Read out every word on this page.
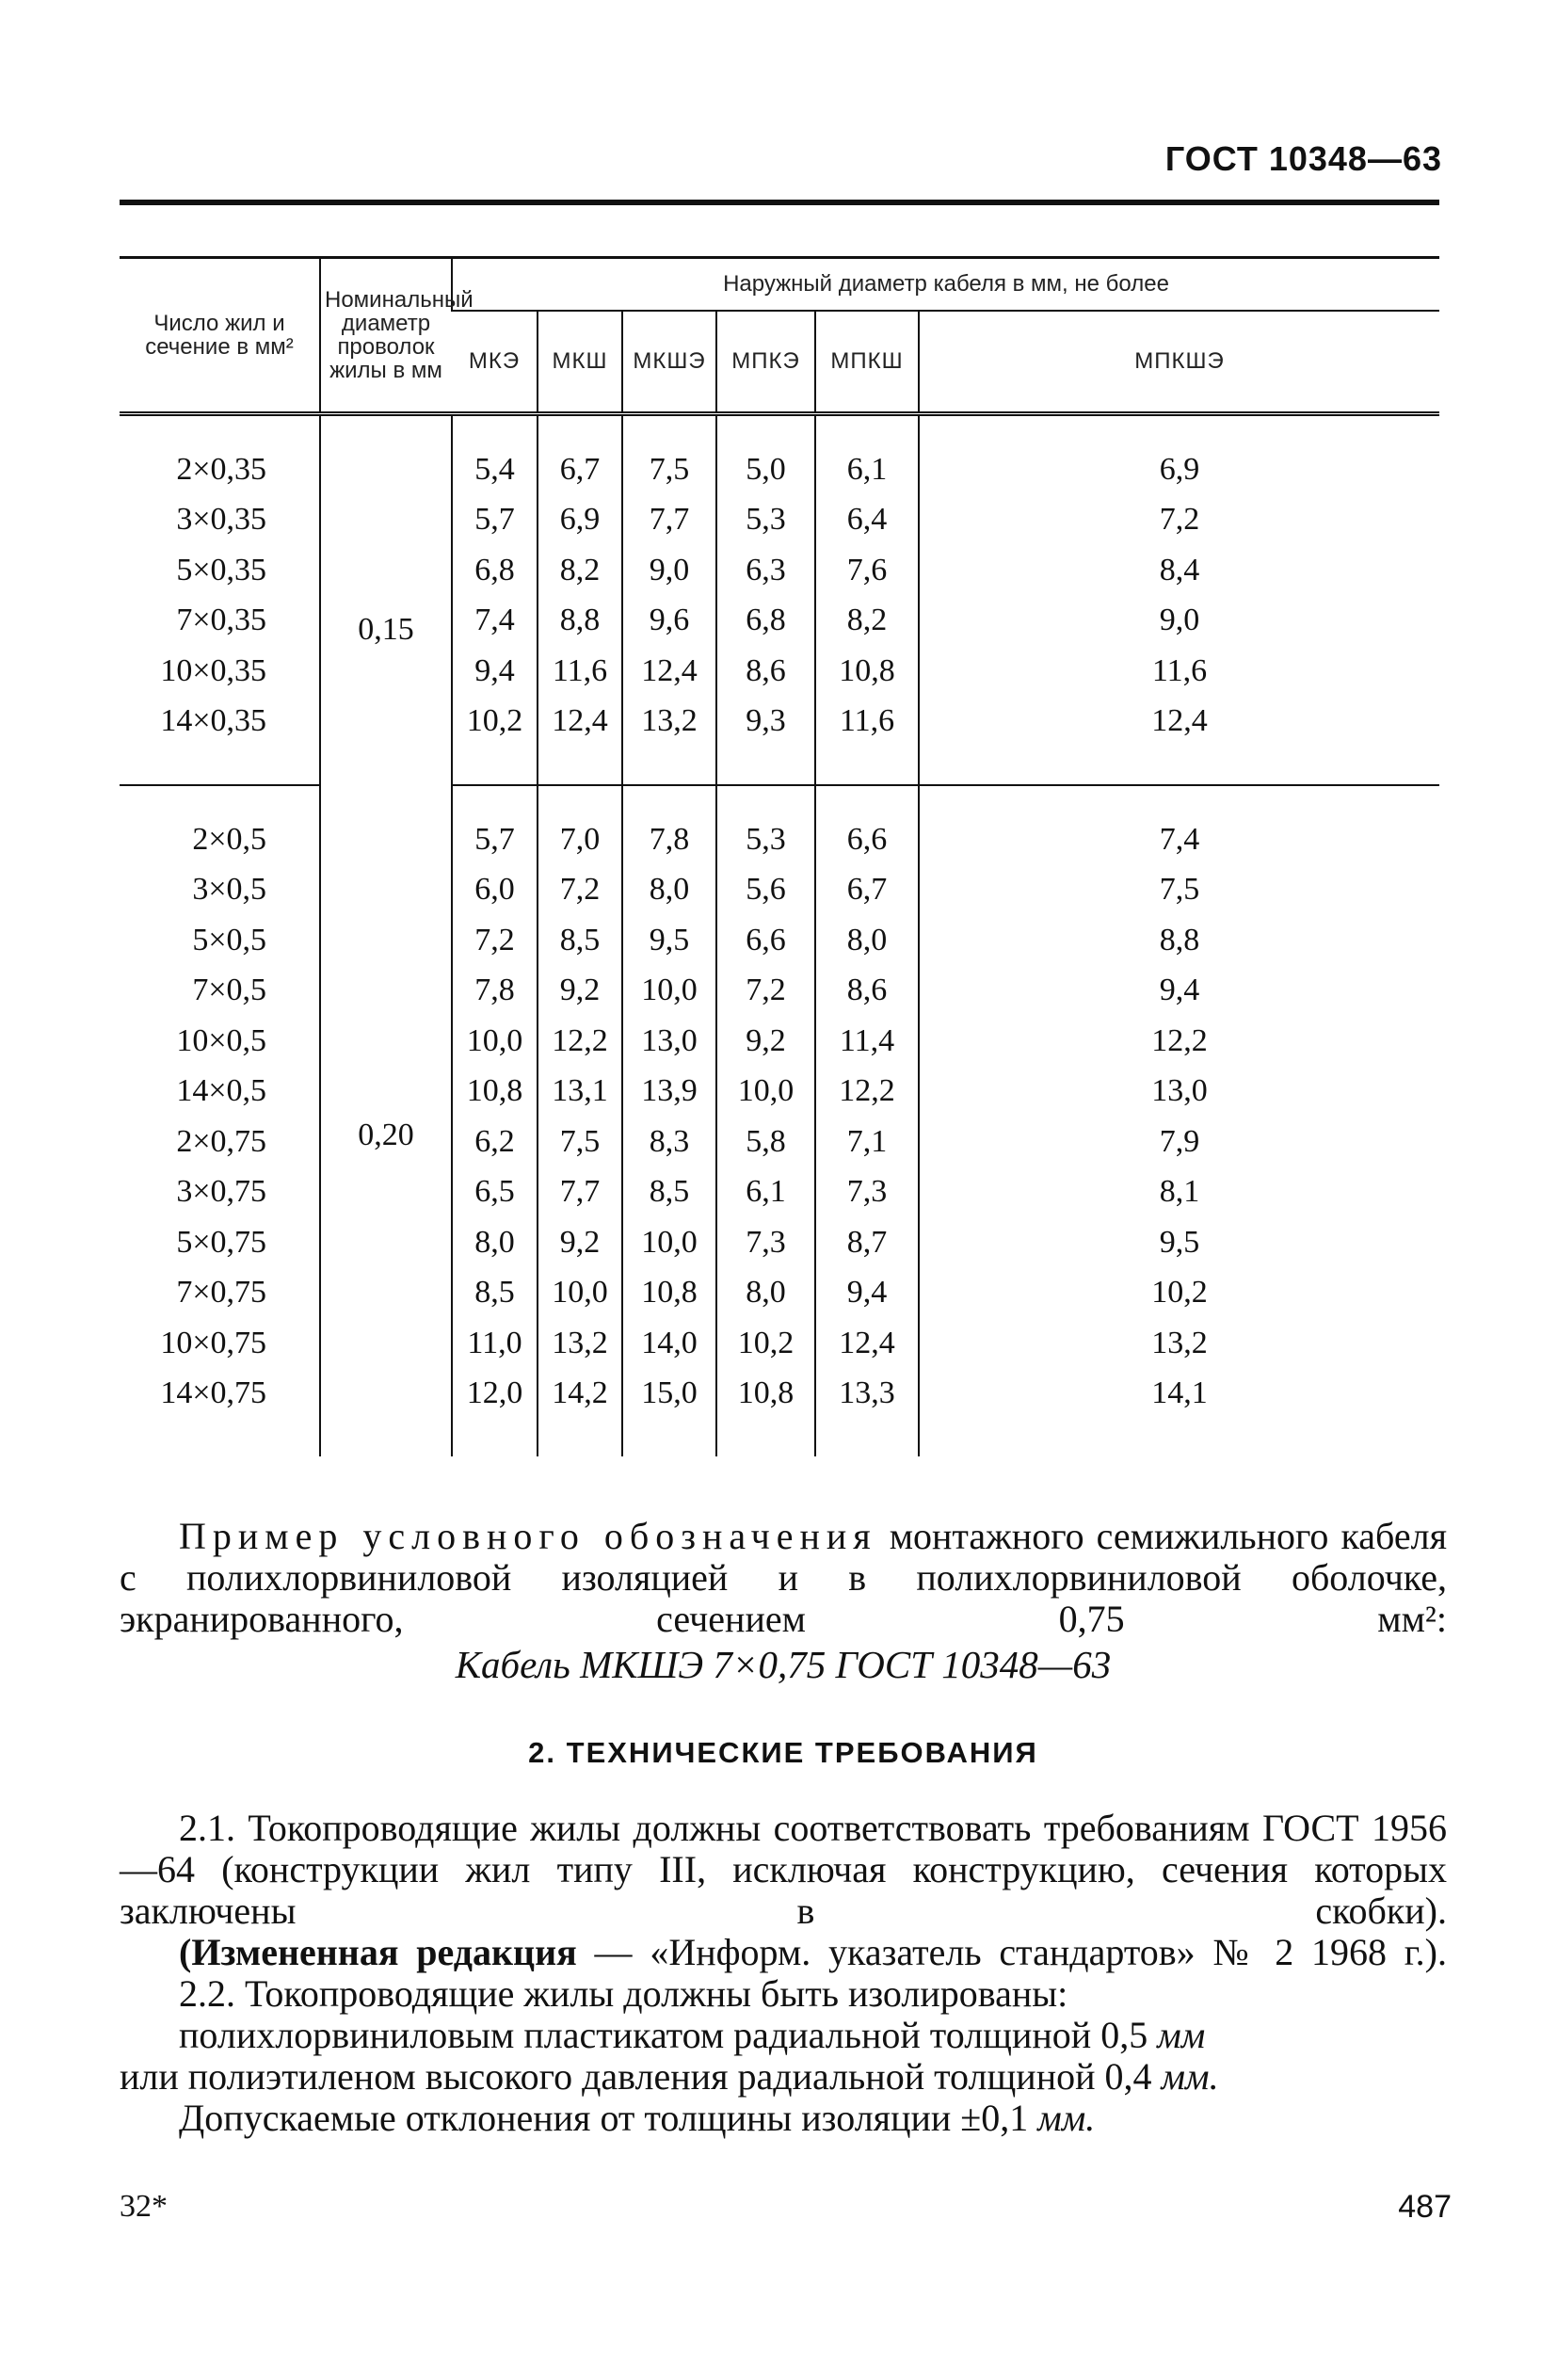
ГОСТ 10348—63
Число жил и сечение в мм²	Номинальный диаметр проволок жилы в мм	Наружный диаметр кабеля в мм, не более					
		МКЭ	МКШ	МКШЭ	МПКЭ	МПКШ	МПКШЭ

2×0,35	0,15	5,4	6,7	7,5	5,0	6,1	6,9
3×0,35		5,7	6,9	7,7	5,3	6,4	7,2
5×0,35		6,8	8,2	9,0	6,3	7,6	8,4
7×0,35		7,4	8,8	9,6	6,8	8,2	9,0
10×0,35		9,4	11,6	12,4	8,6	10,8	11,6
14×0,35		10,2	12,4	13,2	9,3	11,6	12,4

2×0,5	0,20	5,7	7,0	7,8	5,3	6,6	7,4
3×0,5		6,0	7,2	8,0	5,6	6,7	7,5
5×0,5		7,2	8,5	9,5	6,6	8,0	8,8
7×0,5		7,8	9,2	10,0	7,2	8,6	9,4
10×0,5		10,0	12,2	13,0	9,2	11,4	12,2
14×0,5		10,8	13,1	13,9	10,0	12,2	13,0
2×0,75		6,2	7,5	8,3	5,8	7,1	7,9
3×0,75		6,5	7,7	8,5	6,1	7,3	8,1
5×0,75		8,0	9,2	10,0	7,3	8,7	9,5
7×0,75		8,5	10,0	10,8	8,0	9,4	10,2
10×0,75		11,0	13,2	14,0	10,2	12,4	13,2
14×0,75		12,0	14,2	15,0	10,8	13,3	14,1

Пример условного обозначения монтажного семижильного кабеля с полихлорвиниловой изоляцией и в полихлорвиниловой оболочке, экранированного, сечением 0,75 мм²:

Кабель МКШЭ 7×0,75 ГОСТ 10348—63

2. ТЕХНИЧЕСКИЕ ТРЕБОВАНИЯ

2.1. Токопроводящие жилы должны соответствовать требованиям ГОСТ 1956—64 (конструкции жил типу III, исключая конструкцию, сечения которых заключены в скобки).

(Измененная редакция — «Информ. указатель стандартов» № 2 1968 г.).

2.2. Токопроводящие жилы должны быть изолированы:

полихлорвиниловым пластикатом радиальной толщиной 0,5 мм

или полиэтиленом высокого давления радиальной толщиной 0,4 мм.

Допускаемые отклонения от толщины изоляции ±0,1 мм.

32*	487
